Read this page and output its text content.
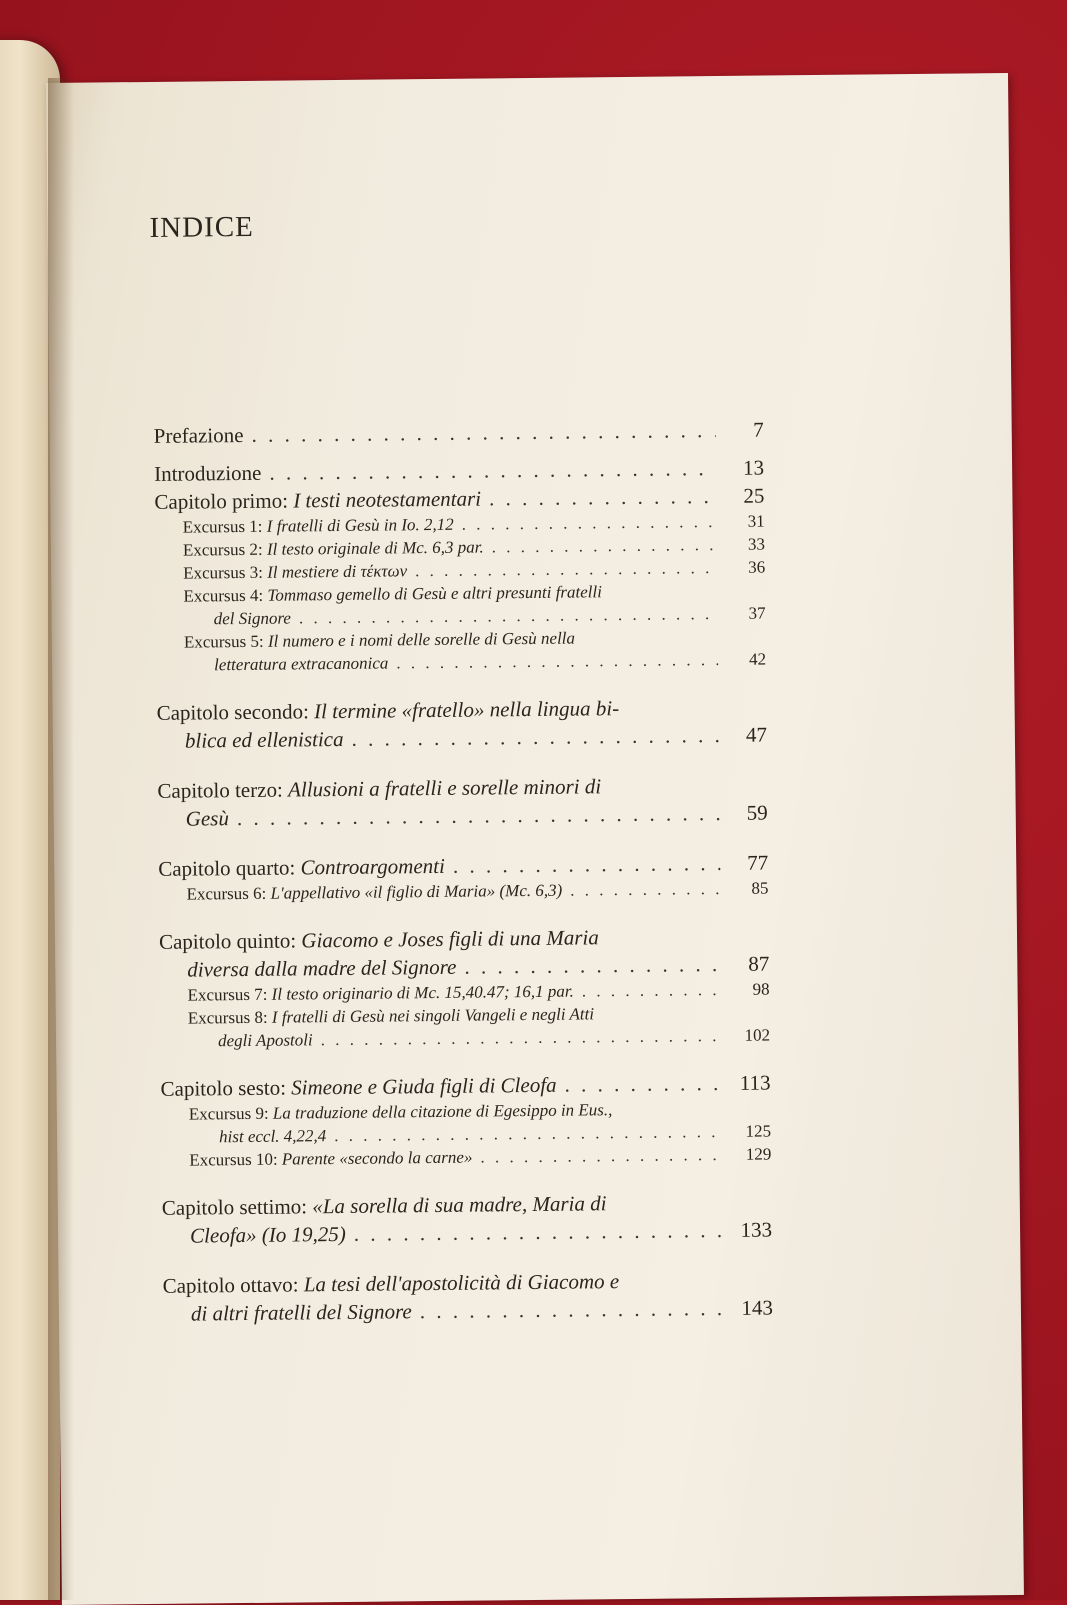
INDICE
Prefazione . . .	7
Introduzione . . .	13
Capitolo primo: I testi neotestamentari . . .	25
Excursus 1: I fratelli di Gesù in Io. 2,12 . . .	31
Excursus 2: Il testo originale di Mc. 6,3 par. . . .	33
Excursus 3: Il mestiere di τέκτων . . .	36
Excursus 4: Tommaso gemello di Gesù e altri presunti fratelli
del Signore . . .	37
Excursus 5: Il numero e i nomi delle sorelle di Gesù nella
letteratura extracanonica . . .	42
Capitolo secondo: Il termine «fratello» nella lingua bi-
blica ed ellenistica . . .	47
Capitolo terzo: Allusioni a fratelli e sorelle minori di
Gesù . . .	59
Capitolo quarto: Controargomenti . . .	77
Excursus 6: L'appellativo «il figlio di Maria» (Mc. 6,3) . . .	85
Capitolo quinto: Giacomo e Joses figli di una Maria
diversa dalla madre del Signore . . .	87
Excursus 7: Il testo originario di Mc. 15,40.47; 16,1 par. . . .	98
Excursus 8: I fratelli di Gesù nei singoli Vangeli e negli Atti
degli Apostoli . . .	102
Capitolo sesto: Simeone e Giuda figli di Cleofa . . .	113
Excursus 9: La traduzione della citazione di Egesippo in Eus.,
hist eccl. 4,22,4 . . .	125
Excursus 10: Parente «secondo la carne» . . .	129
Capitolo settimo: «La sorella di sua madre, Maria di
Cleofa» (Io 19,25) . . .	133
Capitolo ottavo: La tesi dell'apostolicità di Giacomo e
di altri fratelli del Signore . . .	143
